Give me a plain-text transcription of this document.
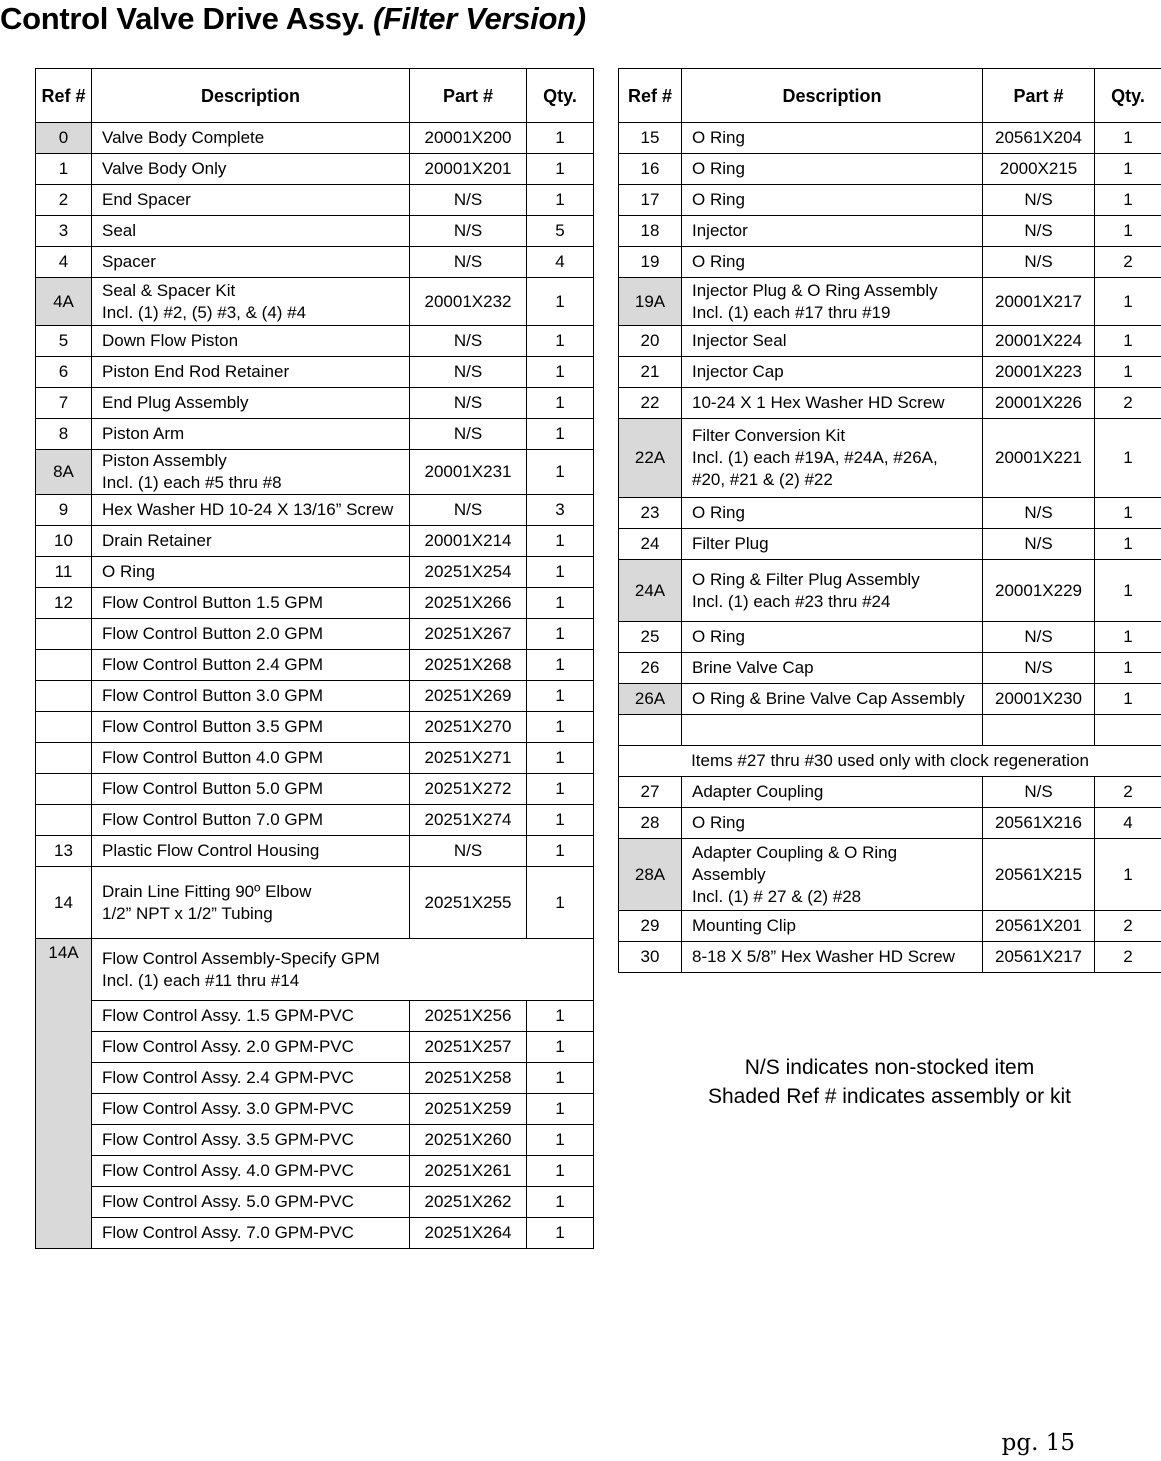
Control Valve Drive Assy. (Filter Version)
Ref #	Description	Part #	Qty.
0	Valve Body Complete	20001X200	1
1	Valve Body Only	20001X201	1
2	End Spacer	N/S	1
3	Seal	N/S	5
4	Spacer	N/S	4
4A	Seal & Spacer Kit
Incl. (1) #2, (5) #3, & (4) #4	20001X232	1
5	Down Flow Piston	N/S	1
6	Piston End Rod Retainer	N/S	1
7	End Plug Assembly	N/S	1
8	Piston Arm	N/S	1
8A	Piston Assembly
Incl. (1) each #5 thru #8	20001X231	1
9	Hex Washer HD 10-24 X 13/16” Screw	N/S	3
10	Drain Retainer	20001X214	1
11	O Ring	20251X254	1
12	Flow Control Button 1.5 GPM	20251X266	1
	Flow Control Button 2.0 GPM	20251X267	1
	Flow Control Button 2.4 GPM	20251X268	1
	Flow Control Button 3.0 GPM	20251X269	1
	Flow Control Button 3.5 GPM	20251X270	1
	Flow Control Button 4.0 GPM	20251X271	1
	Flow Control Button 5.0 GPM	20251X272	1
	Flow Control Button 7.0 GPM	20251X274	1
13	Plastic Flow Control Housing	N/S	1
14	Drain Line Fitting 90º Elbow
1/2” NPT x 1/2” Tubing	20251X255	1
14A	Flow Control Assembly-Specify GPM
Incl. (1) each #11 thru #14		
	Flow Control Assy. 1.5 GPM-PVC	20251X256	1
	Flow Control Assy. 2.0 GPM-PVC	20251X257	1
	Flow Control Assy. 2.4 GPM-PVC	20251X258	1
	Flow Control Assy. 3.0 GPM-PVC	20251X259	1
	Flow Control Assy. 3.5 GPM-PVC	20251X260	1
	Flow Control Assy. 4.0 GPM-PVC	20251X261	1
	Flow Control Assy. 5.0 GPM-PVC	20251X262	1
	Flow Control Assy. 7.0 GPM-PVC	20251X264	1
Ref #	Description	Part #	Qty.
15	O Ring	20561X204	1
16	O Ring	2000X215	1
17	O Ring	N/S	1
18	Injector	N/S	1
19	O Ring	N/S	2
19A	Injector Plug & O Ring Assembly
Incl. (1) each #17 thru #19	20001X217	1
20	Injector Seal	20001X224	1
21	Injector Cap	20001X223	1
22	10-24 X 1 Hex Washer HD Screw	20001X226	2
22A	Filter Conversion Kit
Incl. (1) each #19A, #24A, #26A,
#20, #21 & (2) #22	20001X221	1
23	O Ring	N/S	1
24	Filter Plug	N/S	1
24A	O Ring & Filter Plug Assembly
Incl. (1) each #23 thru #24	20001X229	1
25	O Ring	N/S	1
26	Brine Valve Cap	N/S	1
26A	O Ring & Brine Valve Cap Assembly	20001X230	1

Items #27 thru #30 used only with clock regeneration			
27	Adapter Coupling	N/S	2
28	O Ring	20561X216	4
28A	Adapter Coupling & O Ring
Assembly
Incl. (1) # 27 & (2) #28	20561X215	1
29	Mounting Clip	20561X201	2
30	8-18 X 5/8” Hex Washer HD Screw	20561X217	2
N/S indicates non-stocked item
Shaded Ref # indicates assembly or kit
pg. 15
